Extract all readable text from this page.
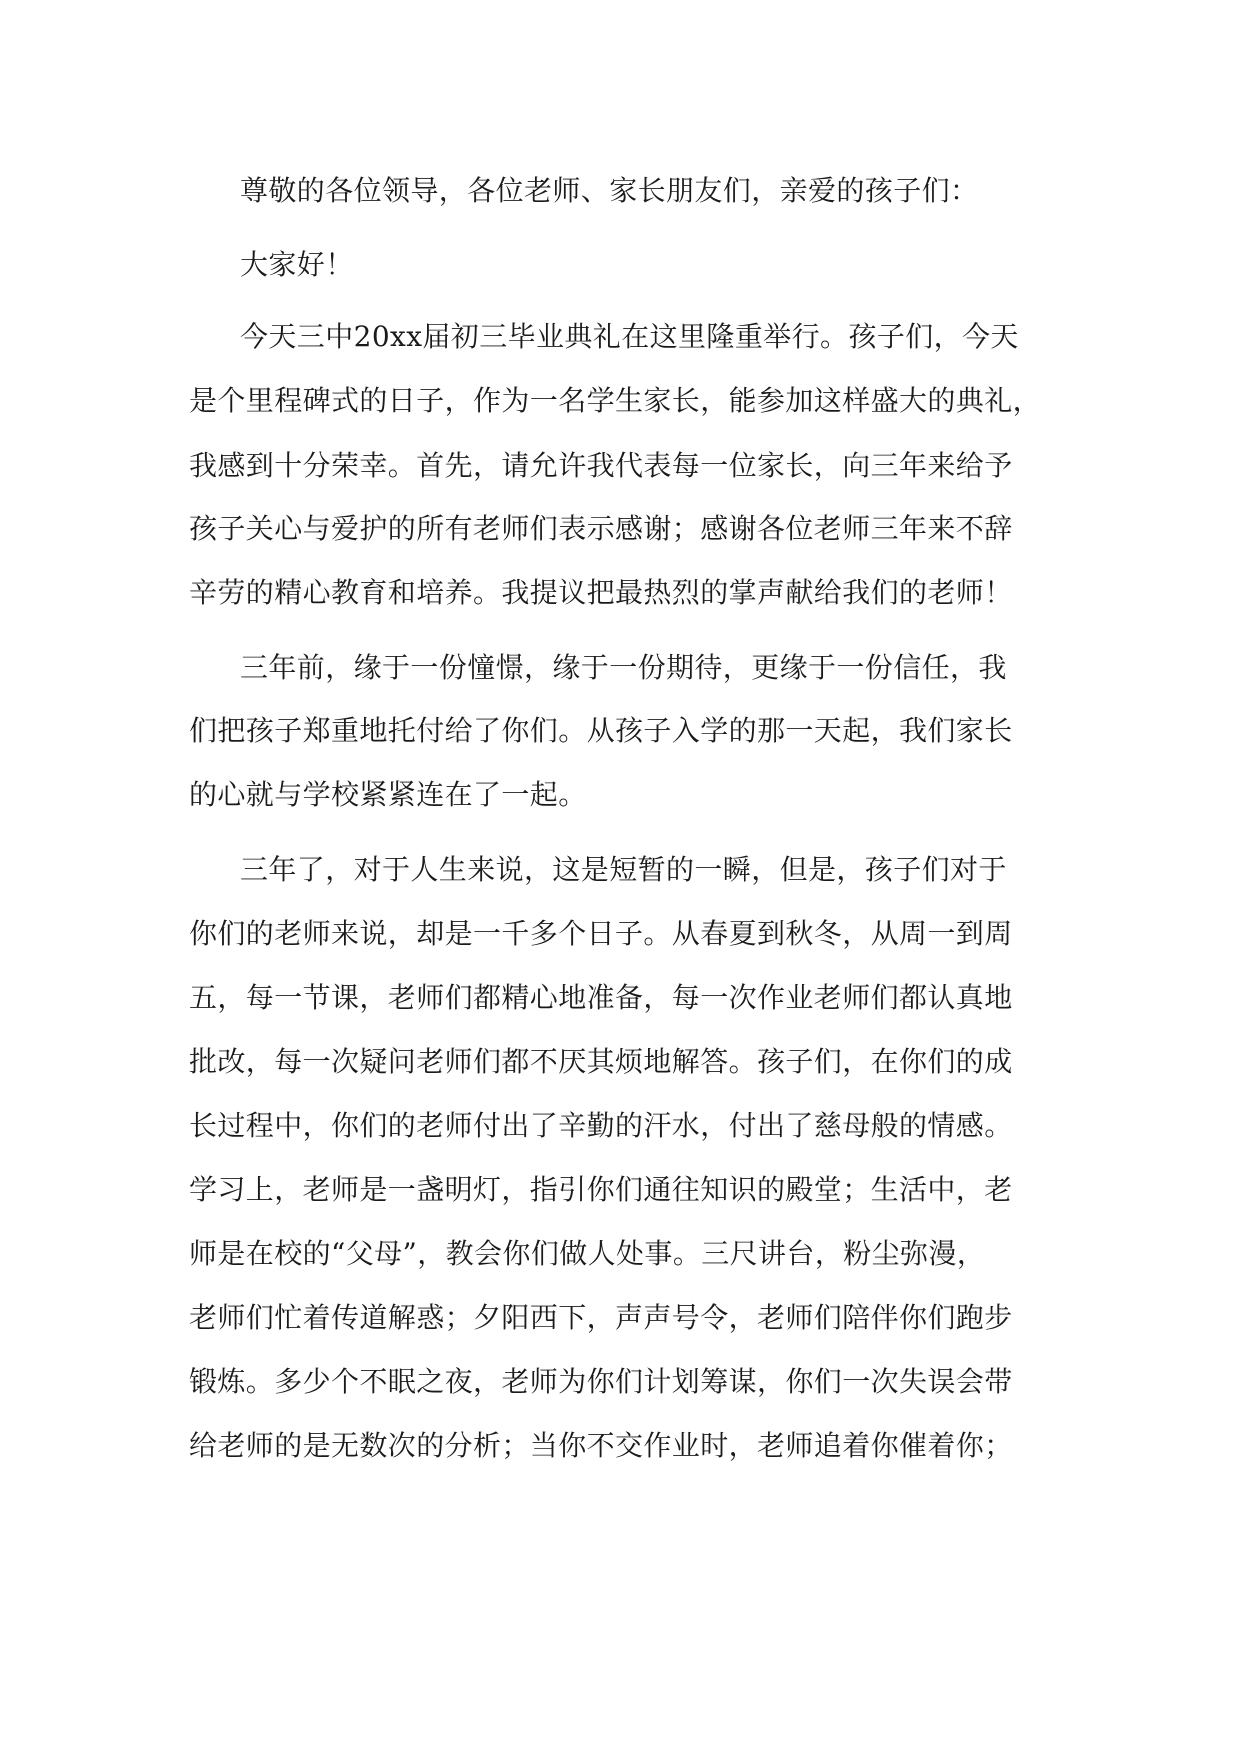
尊敬的各位领导，各位老师、家长朋友们，亲爱的孩子们：
大家好！
今天三中20xx届初三毕业典礼在这里隆重举行。孩子们，今天
是个里程碑式的日子，作为一名学生家长，能参加这样盛大的典礼，
我感到十分荣幸。首先，请允许我代表每一位家长，向三年来给予
孩子关心与爱护的所有老师们表示感谢；感谢各位老师三年来不辞
辛劳的精心教育和培养。我提议把最热烈的掌声献给我们的老师！
三年前，缘于一份憧憬，缘于一份期待，更缘于一份信任，我
们把孩子郑重地托付给了你们。从孩子入学的那一天起，我们家长
的心就与学校紧紧连在了一起。
三年了，对于人生来说，这是短暂的一瞬，但是，孩子们对于
你们的老师来说，却是一千多个日子。从春夏到秋冬，从周一到周
五，每一节课，老师们都精心地准备，每一次作业老师们都认真地
批改，每一次疑问老师们都不厌其烦地解答。孩子们，在你们的成
长过程中，你们的老师付出了辛勤的汗水，付出了慈母般的情感。
学习上，老师是一盏明灯，指引你们通往知识的殿堂；生活中，老
师是在校的“父母”，教会你们做人处事。三尺讲台，粉尘弥漫，
老师们忙着传道解惑；夕阳西下，声声号令，老师们陪伴你们跑步
锻炼。多少个不眠之夜，老师为你们计划筹谋，你们一次失误会带
给老师的是无数次的分析；当你不交作业时，老师追着你催着你；
